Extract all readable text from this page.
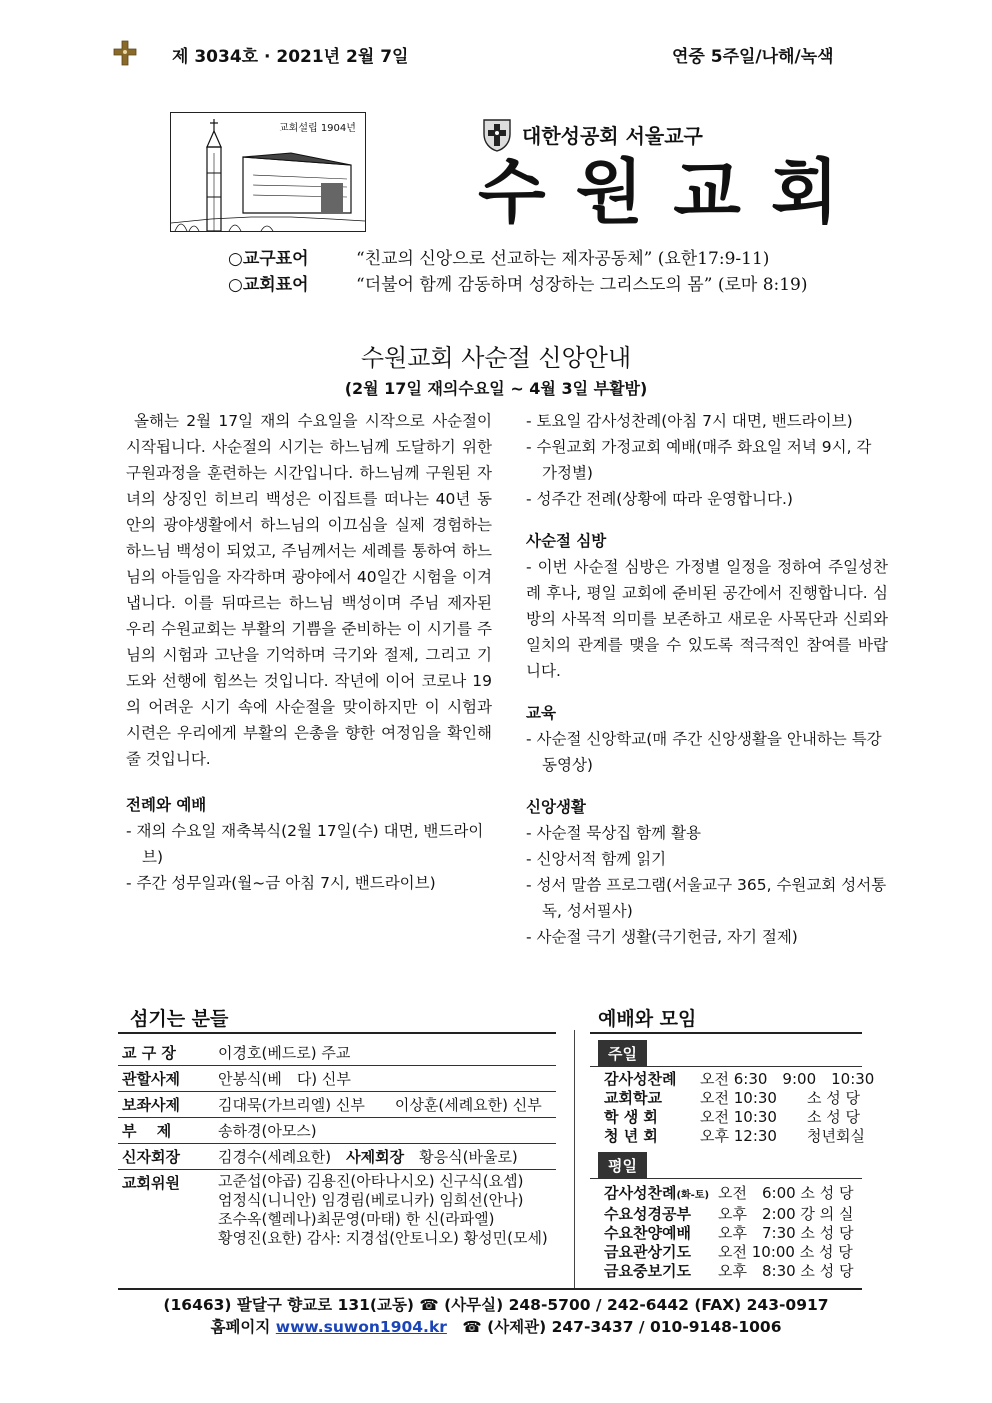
제 3034호 · 2021년 2월 7일	연중 5주일/나해/녹색
교회설립 1904년	대한성공회 서울교구
수원교회
○교구표어	“친교의 신앙으로 선교하는 제자공동체” (요한17:9-11)
○교회표어	“더불어 함께 감동하며 성장하는 그리스도의 몸” (로마 8:19)
수원교회 사순절 신앙안내
(2월 17일 재의수요일 ~ 4월 3일 부활밤)
올해는 2월 17일 재의 수요일을 시작으로 사순절이 시작됩니다. 사순절의 시기는 하느님께 도달하기 위한 구원과정을 훈련하는 시간입니다. 하느님께 구원된 자녀의 상징인 히브리 백성은 이집트를 떠나는 40년 동안의 광야생활에서 하느님의 이끄심을 실제 경험하는 하느님 백성이 되었고, 주님께서는 세례를 통하여 하느님의 아들임을 자각하며 광야에서 40일간 시험을 이겨냅니다. 이를 뒤따르는 하느님 백성이며 주님 제자된 우리 수원교회는 부활의 기쁨을 준비하는 이 시기를 주님의 시험과 고난을 기억하며 극기와 절제, 그리고 기도와 선행에 힘쓰는 것입니다. 작년에 이어 코로나 19의 어려운 시기 속에 사순절을 맞이하지만 이 시험과 시련은 우리에게 부활의 은총을 향한 여정임을 확인해 줄 것입니다.
전례와 예배
- 재의 수요일 재축복식(2월 17일(수) 대면, 밴드라이브)
- 주간 성무일과(월~금 아침 7시, 밴드라이브)
- 토요일 감사성찬례(아침 7시 대면, 밴드라이브)
- 수원교회 가정교회 예배(매주 화요일 저녁 9시, 각 가정별)
- 성주간 전례(상황에 따라 운영합니다.)
사순절 심방
- 이번 사순절 심방은 가정별 일정을 정하여 주일성찬례 후나, 평일 교회에 준비된 공간에서 진행합니다. 심방의 사목적 의미를 보존하고 새로운 사목단과 신뢰와 일치의 관계를 맺을 수 있도록 적극적인 참여를 바랍니다.
교육
- 사순절 신앙학교(매 주간 신앙생활을 안내하는 특강 동영상)
신앙생활
- 사순절 묵상집 함께 활용
- 신앙서적 함께 읽기
- 성서 말씀 프로그램(서울교구 365, 수원교회 성서통독, 성서필사)
- 사순절 극기 생활(극기헌금, 자기 절제)
섬기는 분들
교 구 장	이경호(베드로) 주교
관할사제	안봉식(베　다) 신부
보좌사제	김대묵(가브리엘) 신부　　이상훈(세례요한) 신부
부　 제	송하경(아모스)
신자회장	김경수(세례요한)　 사제회장　 황응식(바울로)
교회위원	고준섭(야곱) 김용진(아타나시오) 신구식(요셉)
엄정식(니니안) 임경림(베로니카) 임희선(안나)
조수옥(헬레나)최문영(마태) 한 신(라파엘)
황영진(요한) 감사: 지경섭(안토니오) 황성민(모세)
예배와 모임
주일
감사성찬례 오전 6:30　9:00　10:30
교회학교	오전 10:30　　소 성 당
학 생 회	오전 10:30　　소 성 당
청 년 회	오후 12:30　　청년회실
평일
감사성찬례(화-토) 오전　6:00 소 성 당
수요성경공부 오후　2:00 강 의 실
수요찬양예배 오후　7:30 소 성 당
금요관상기도 오전 10:00 소 성 당
금요중보기도 오후　8:30 소 성 당
(16463) 팔달구 향교로 131(교동) ☎ (사무실) 248-5700 / 242-6442 (FAX) 243-0917
홈페이지 www.suwon1904.kr　 ☎ (사제관) 247-3437 / 010-9148-1006
